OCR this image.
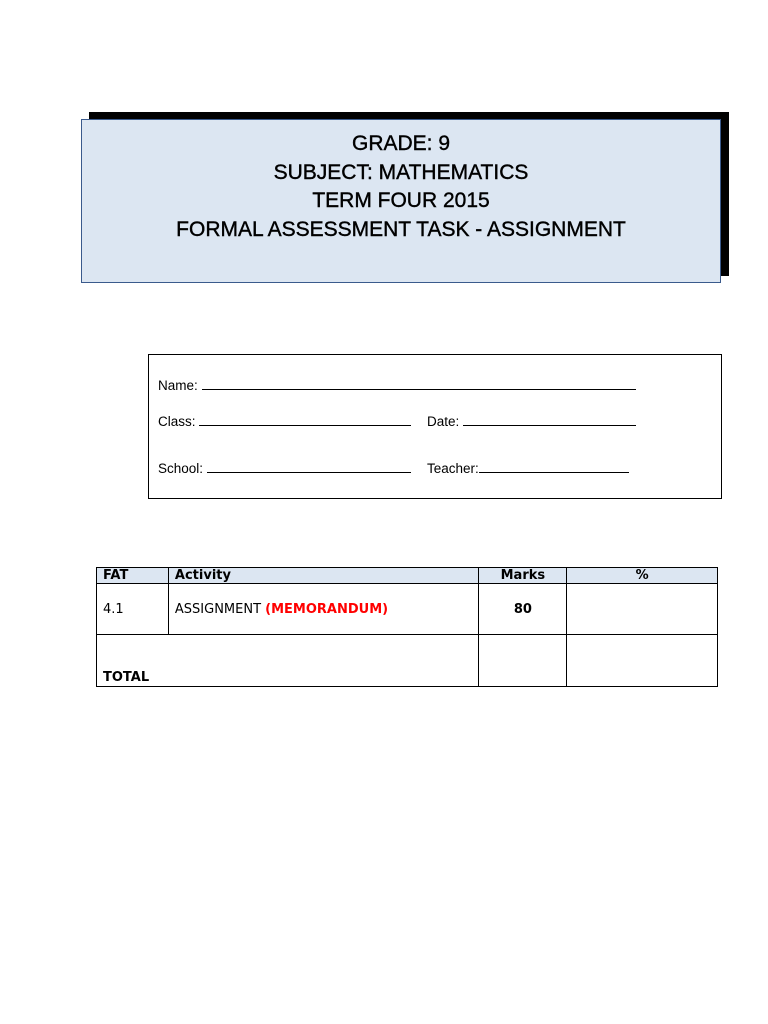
GRADE: 9
SUBJECT: MATHEMATICS
TERM FOUR 2015
FORMAL ASSESSMENT TASK - ASSIGNMENT
Name:
Class:	Date:
School:	Teacher:
FAT	Activity	Marks	%
4.1	ASSIGNMENT (MEMORANDUM)	80	
TOTAL			
